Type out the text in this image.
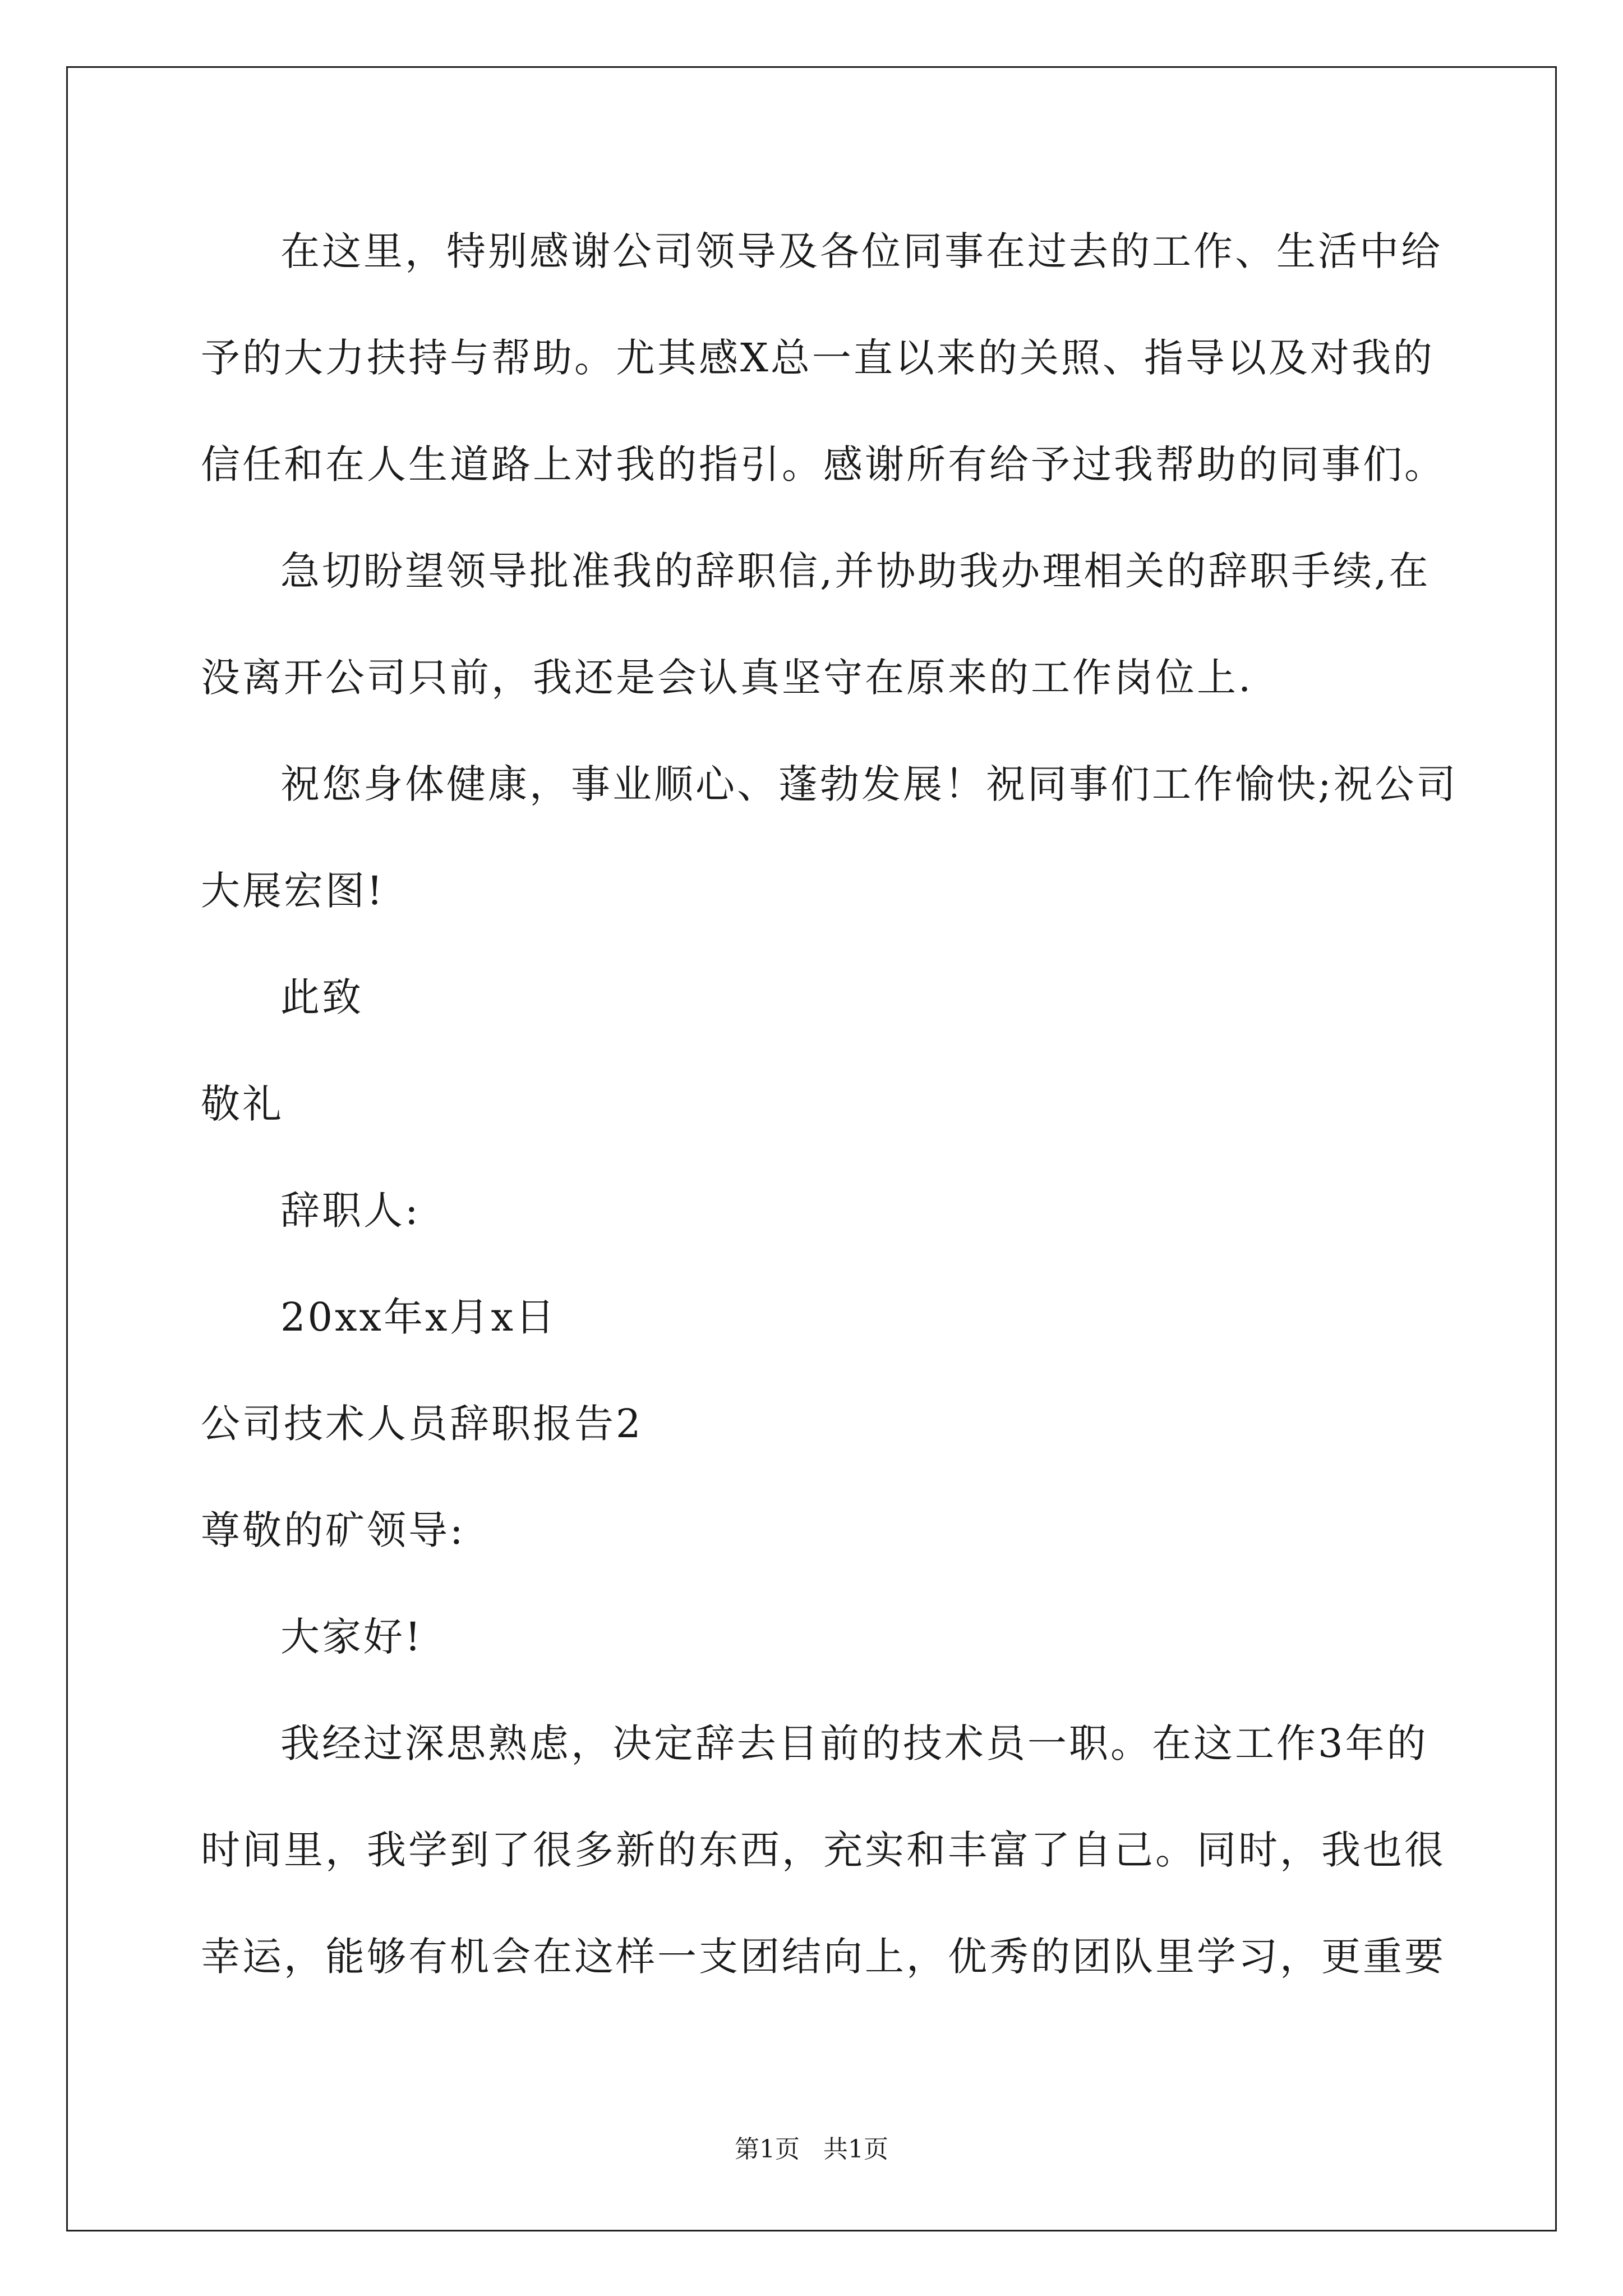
在这里，特别感谢公司领导及各位同事在过去的工作、生活中给
予的大力扶持与帮助。尤其感X总一直以来的关照、指导以及对我的
信任和在人生道路上对我的指引。感谢所有给予过我帮助的同事们。
急切盼望领导批准我的辞职信,并协助我办理相关的辞职手续,在
没离开公司只前，我还是会认真坚守在原来的工作岗位上.
祝您身体健康，事业顺心、蓬勃发展！祝同事们工作愉快;祝公司
大展宏图!
此致
敬礼
辞职人:
20xx年x月x日
公司技术人员辞职报告2
尊敬的矿领导:
大家好!
我经过深思熟虑，决定辞去目前的技术员一职。在这工作3年的
时间里，我学到了很多新的东西，充实和丰富了自己。同时，我也很
幸运，能够有机会在这样一支团结向上，优秀的团队里学习，更重要
第1页   共1页
